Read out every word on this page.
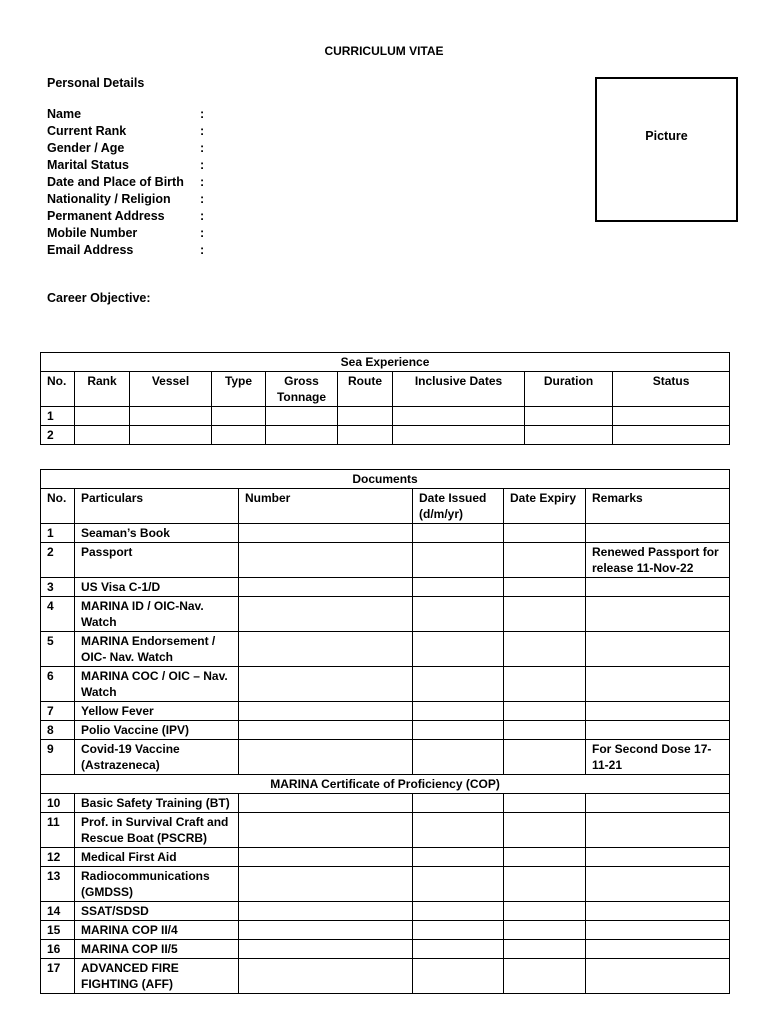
CURRICULUM VITAE
Personal Details
Name	:
Current Rank	:
Gender / Age	:
Marital Status	:
Date and Place of Birth :
Nationality / Religion :
Permanent Address	:
Mobile Number	:
Email Address	:
Picture
Career Objective:
Sea Experience								
No.	Rank	Vessel	Type	Gross Tonnage	Route	Inclusive Dates	Duration	Status
1								
2								
Documents					
No.	Particulars	Number	Date Issued (d/m/yr)	Date Expiry	Remarks
1	Seaman’s Book				
2	Passport				Renewed Passport for release 11-Nov-22
3	US Visa C-1/D				
4	MARINA ID / OIC-Nav. Watch				
5	MARINA Endorsement / OIC- Nav. Watch				
6	MARINA COC / OIC – Nav. Watch				
7	Yellow Fever				
8	Polio Vaccine (IPV)				
9	Covid-19 Vaccine (Astrazeneca)				For Second Dose 17-11-21
MARINA Certificate of Proficiency (COP)					
10	Basic Safety Training (BT)				
11	Prof. in Survival Craft and Rescue Boat (PSCRB)				
12	Medical First Aid				
13	Radiocommunications (GMDSS)				
14	SSAT/SDSD				
15	MARINA COP II/4				
16	MARINA COP II/5				
17	ADVANCED FIRE FIGHTING (AFF)				
